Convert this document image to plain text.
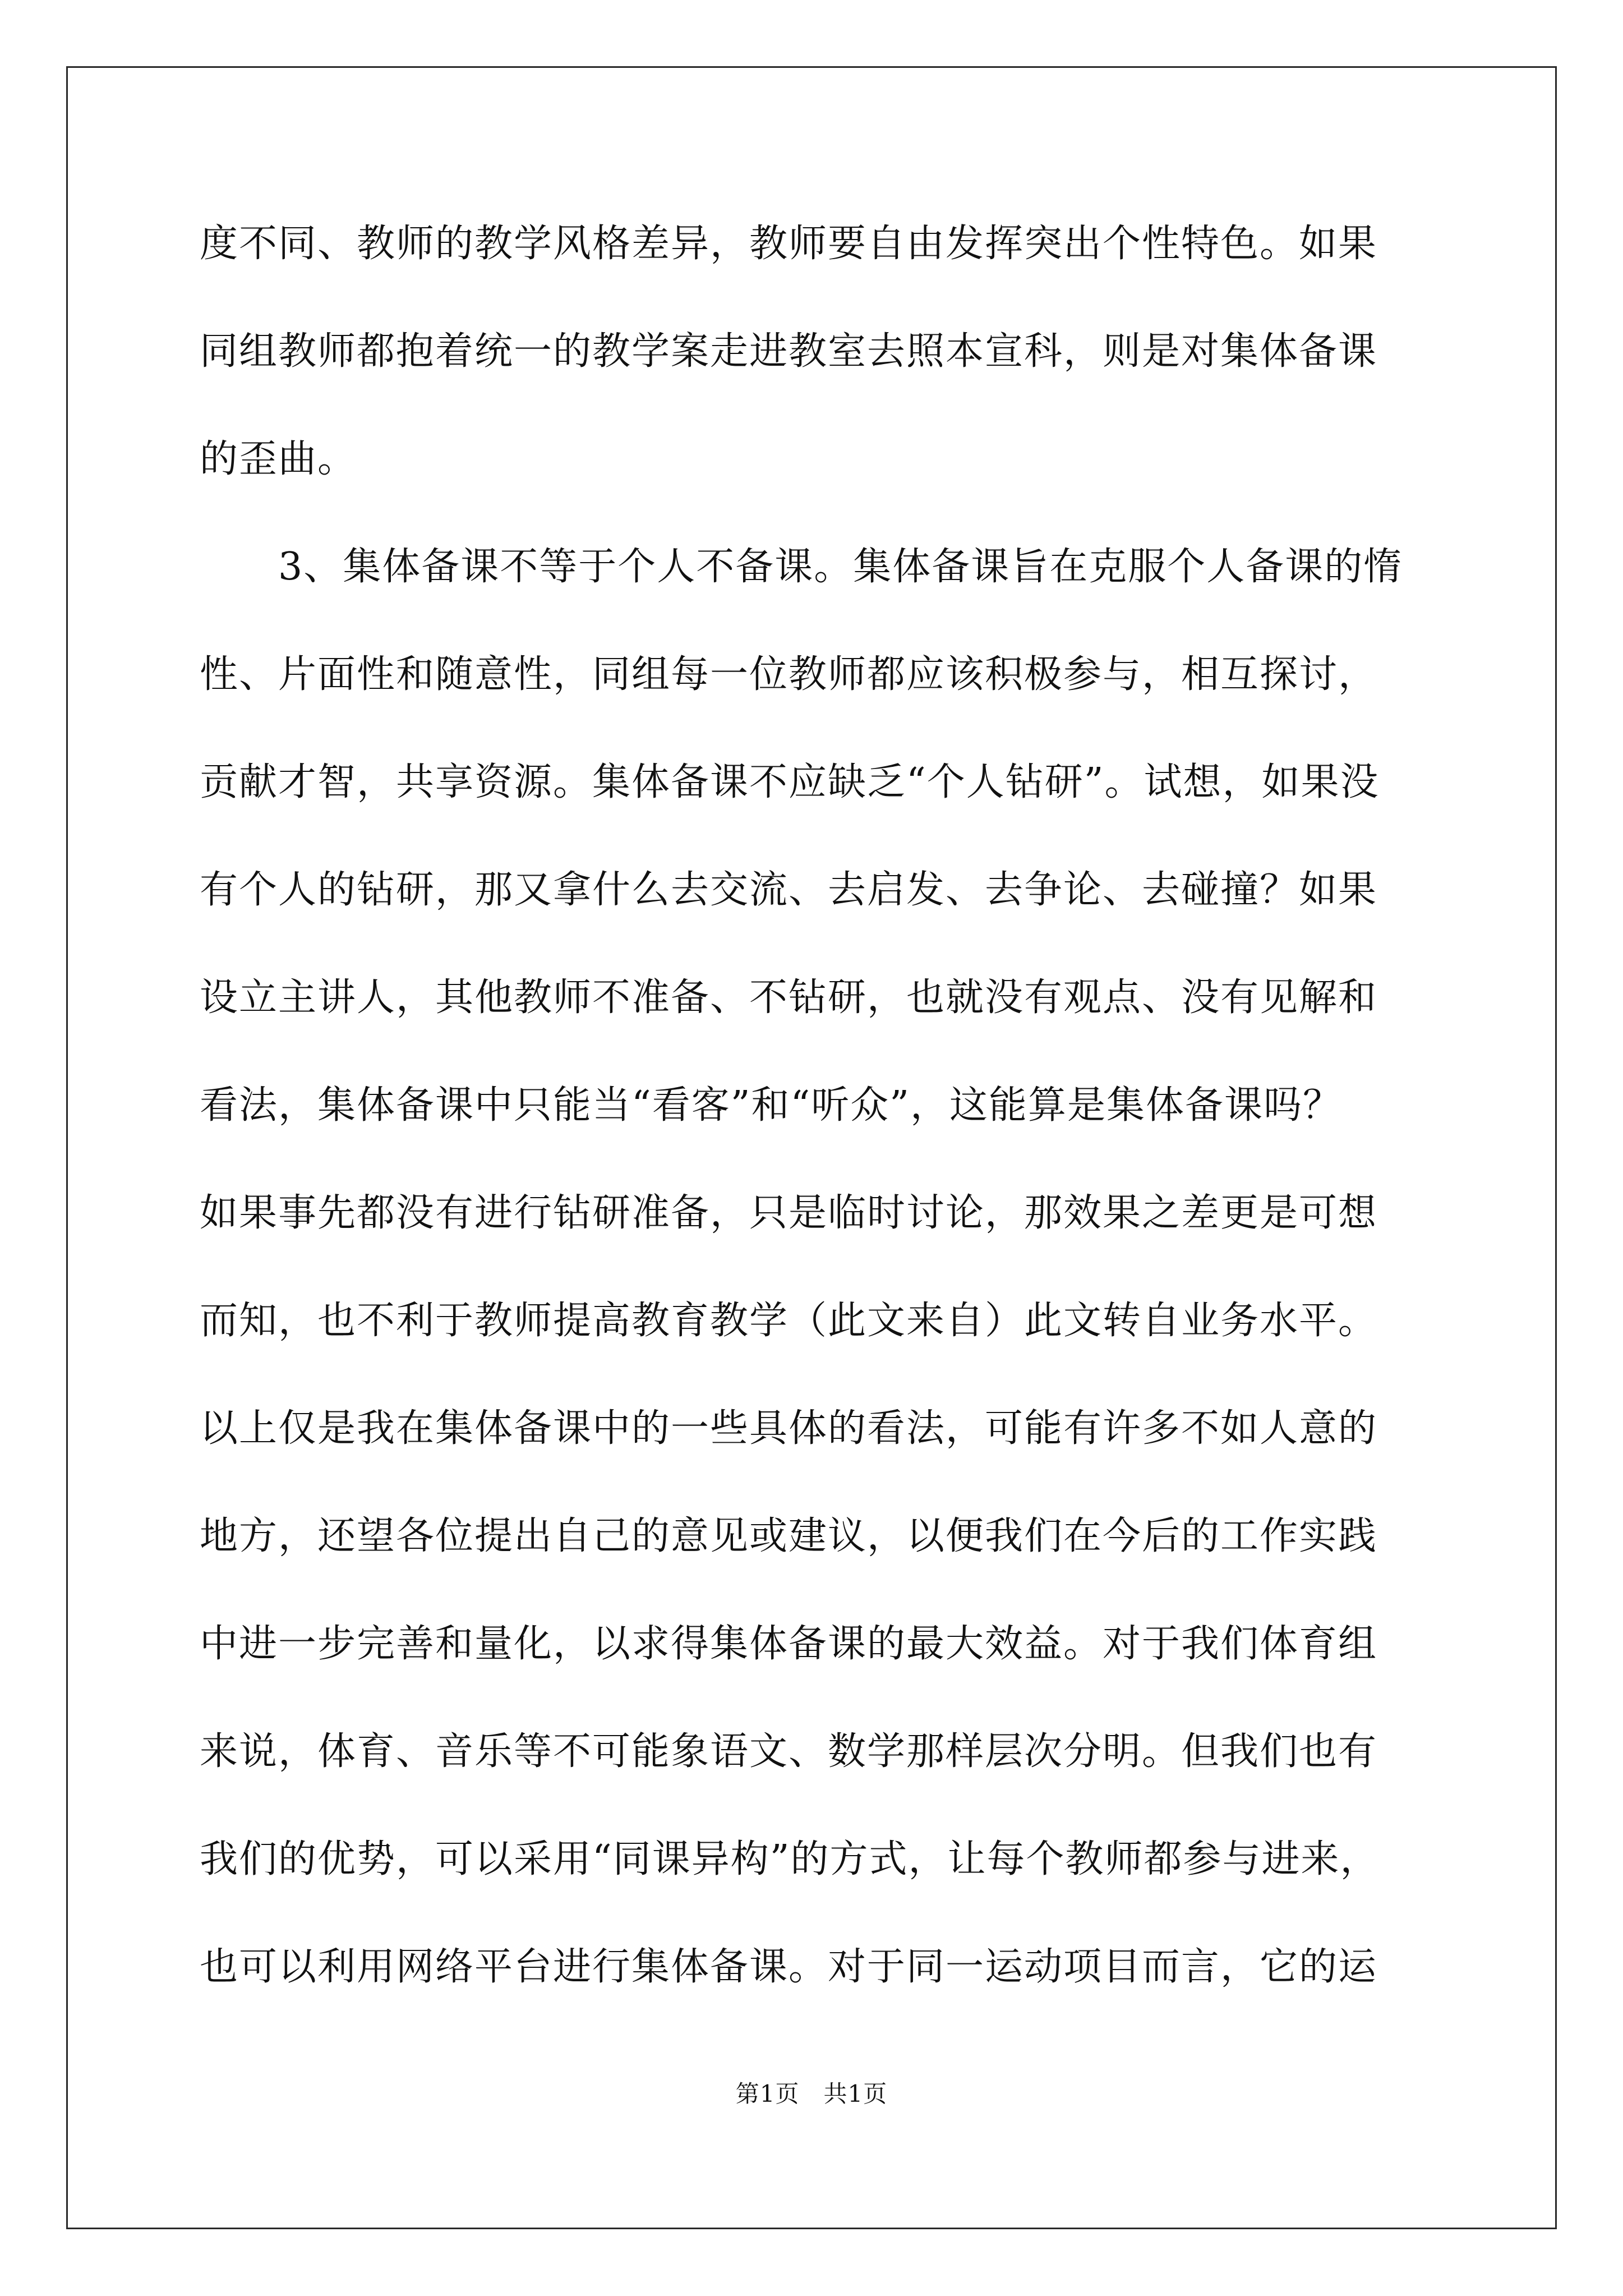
度不同、教师的教学风格差异，教师要自由发挥突出个性特色。如果
同组教师都抱着统一的教学案走进教室去照本宣科，则是对集体备课
的歪曲。
3、集体备课不等于个人不备课。集体备课旨在克服个人备课的惰
性、片面性和随意性，同组每一位教师都应该积极参与，相互探讨，
贡献才智，共享资源。集体备课不应缺乏“个人钻研”。试想，如果没
有个人的钻研，那又拿什么去交流、去启发、去争论、去碰撞？如果
设立主讲人，其他教师不准备、不钻研，也就没有观点、没有见解和
看法，集体备课中只能当“看客”和“听众”，这能算是集体备课吗？
如果事先都没有进行钻研准备，只是临时讨论，那效果之差更是可想
而知，也不利于教师提高教育教学（此文来自）此文转自业务水平。
以上仅是我在集体备课中的一些具体的看法，可能有许多不如人意的
地方，还望各位提出自己的意见或建议，以便我们在今后的工作实践
中进一步完善和量化，以求得集体备课的最大效益。对于我们体育组
来说，体育、音乐等不可能象语文、数学那样层次分明。但我们也有
我们的优势，可以采用“同课异构”的方式，让每个教师都参与进来，
也可以利用网络平台进行集体备课。对于同一运动项目而言，它的运
第1页　共1页
